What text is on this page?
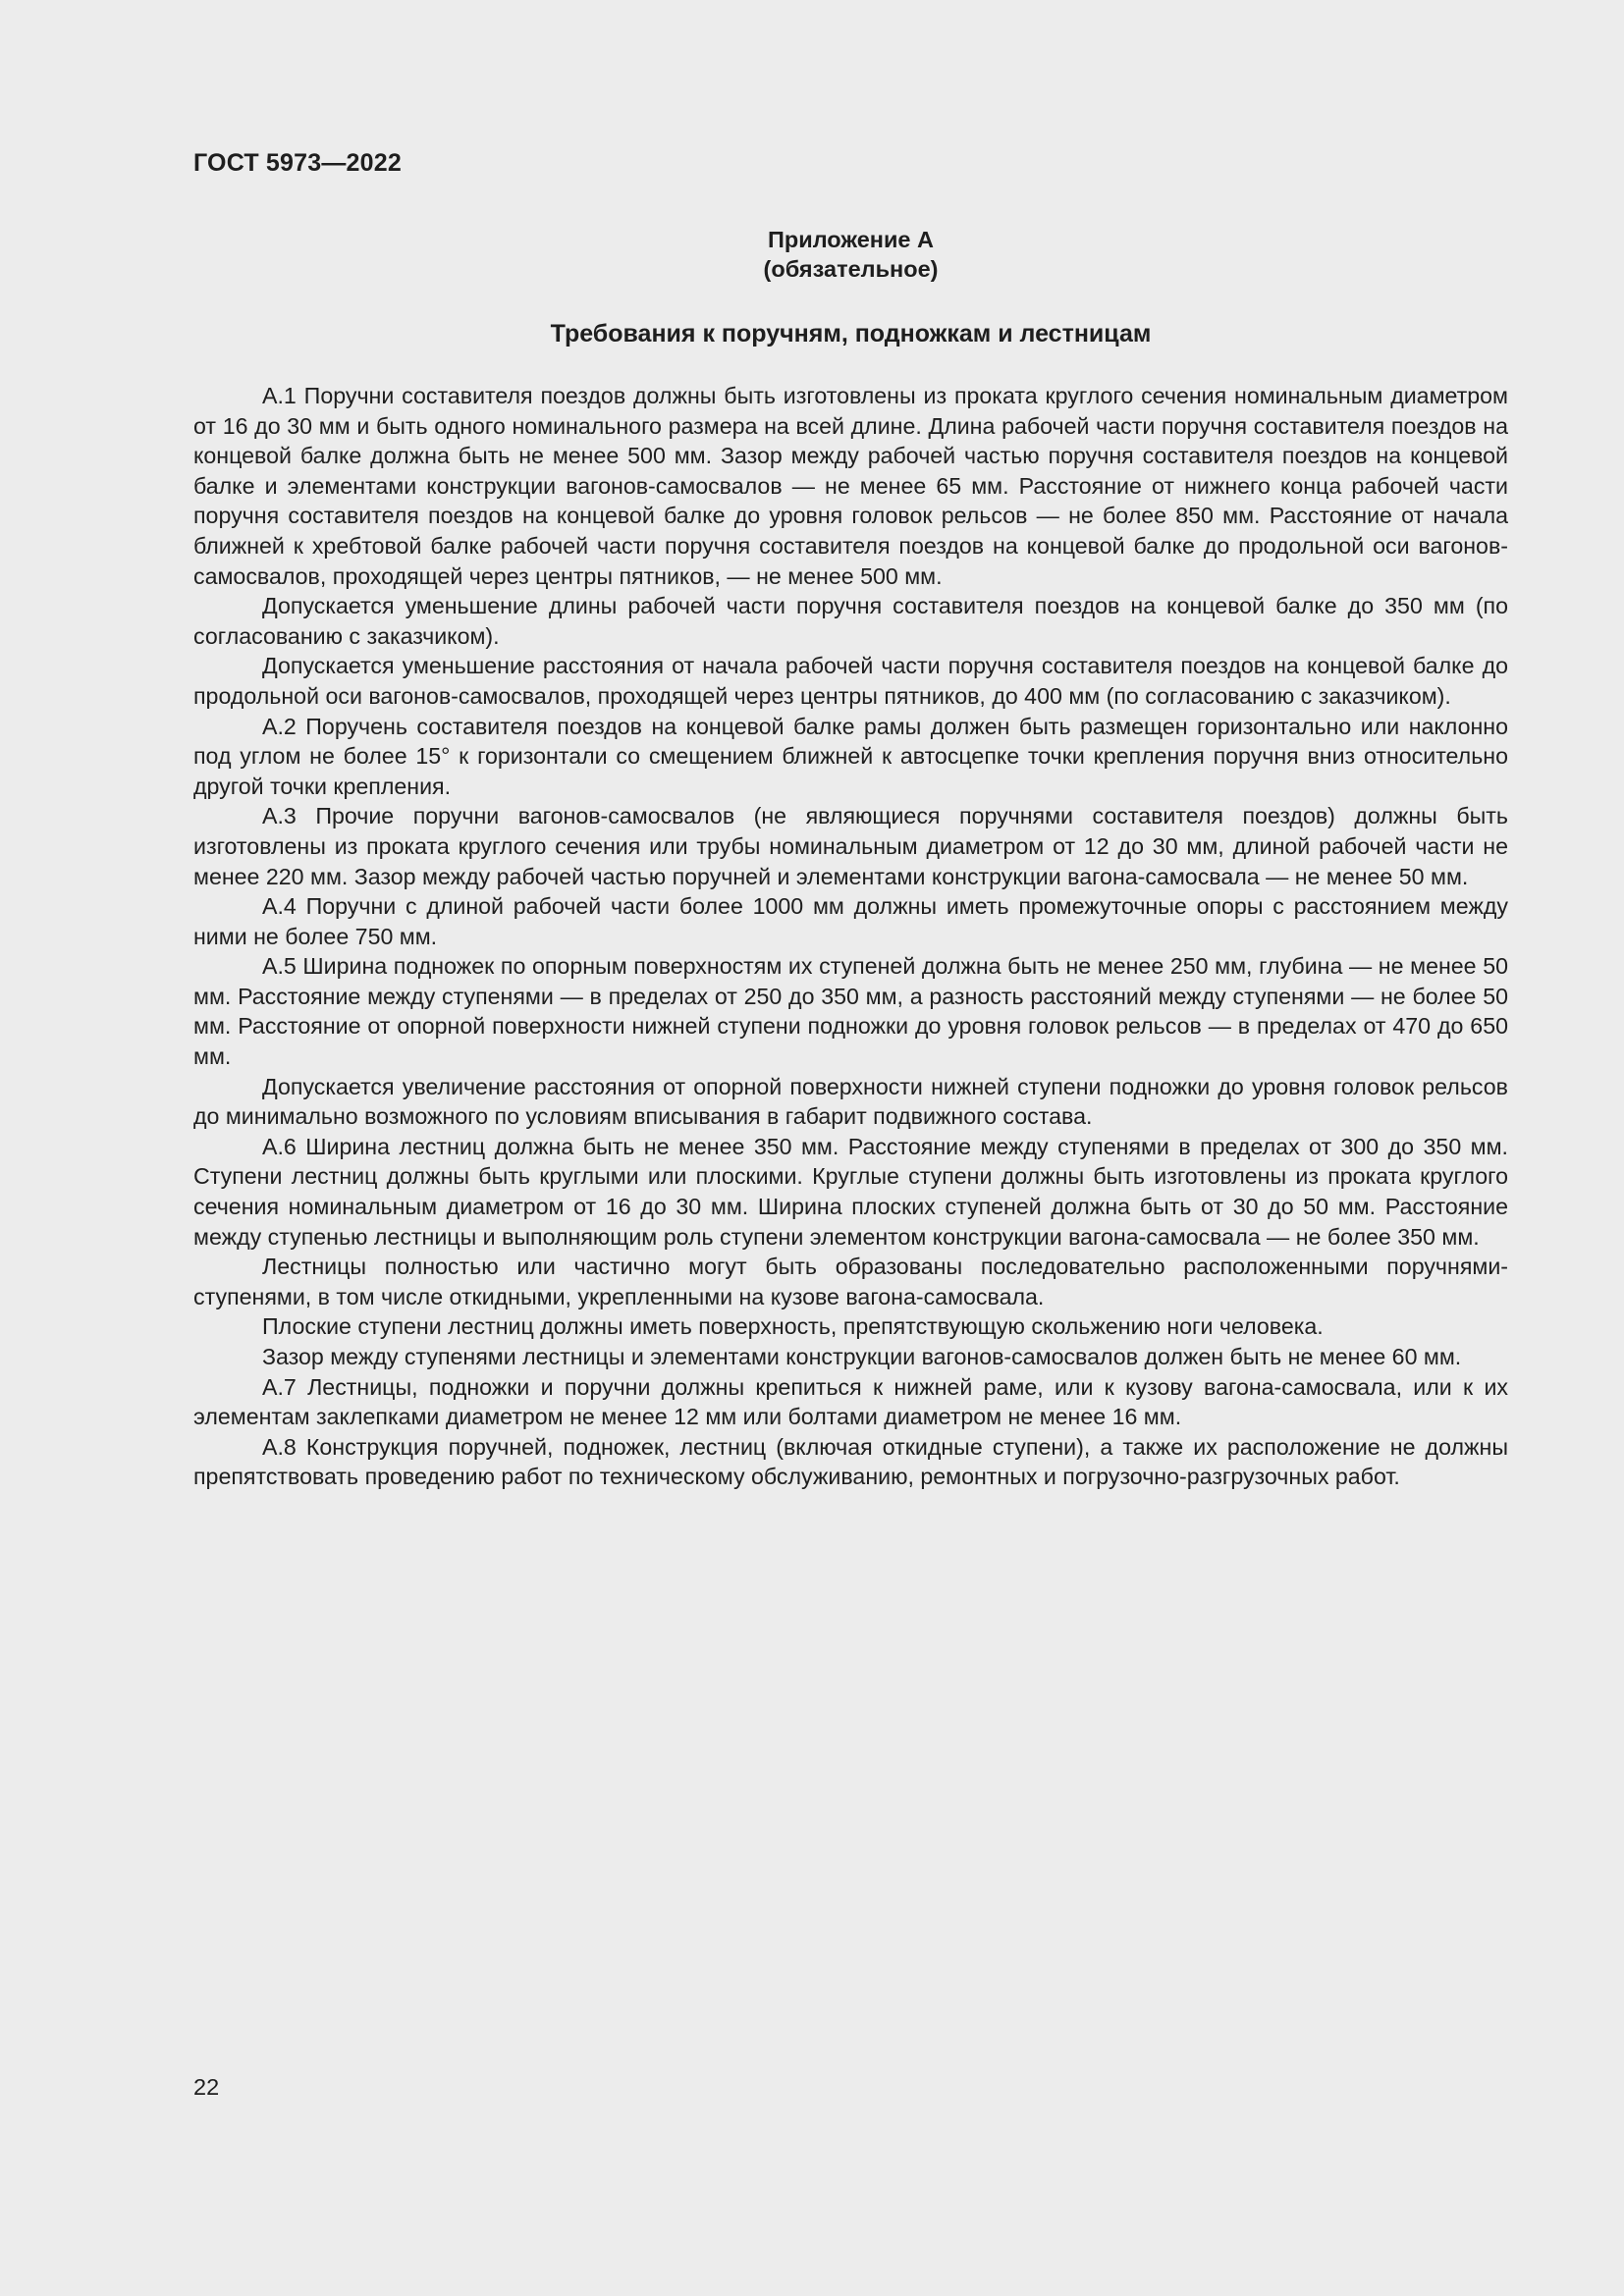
ГОСТ 5973—2022
Приложение А
(обязательное)
Требования к поручням, подножкам и лестницам

А.1 Поручни составителя поездов должны быть изготовлены из проката круглого сечения номинальным диаметром от 16 до 30 мм и быть одного номинального размера на всей длине. Длина рабочей части поручня составителя поездов на концевой балке должна быть не менее 500 мм. Зазор между рабочей частью поручня составителя поездов на концевой балке и элементами конструкции вагонов-самосвалов — не менее 65 мм. Расстояние от нижнего конца рабочей части поручня составителя поездов на концевой балке до уровня головок рельсов — не более 850 мм. Расстояние от начала ближней к хребтовой балке рабочей части поручня составителя поездов на концевой балке до продольной оси вагонов-самосвалов, проходящей через центры пятников, — не менее 500 мм.

Допускается уменьшение длины рабочей части поручня составителя поездов на концевой балке до 350 мм (по согласованию с заказчиком).

Допускается уменьшение расстояния от начала рабочей части поручня составителя поездов на концевой балке до продольной оси вагонов-самосвалов, проходящей через центры пятников, до 400 мм (по согласованию с заказчиком).

А.2 Поручень составителя поездов на концевой балке рамы должен быть размещен горизонтально или наклонно под углом не более 15° к горизонтали со смещением ближней к автосцепке точки крепления поручня вниз относительно другой точки крепления.

А.3 Прочие поручни вагонов-самосвалов (не являющиеся поручнями составителя поездов) должны быть изготовлены из проката круглого сечения или трубы номинальным диаметром от 12 до 30 мм, длиной рабочей части не менее 220 мм. Зазор между рабочей частью поручней и элементами конструкции вагона-самосвала — не менее 50 мм.

А.4 Поручни с длиной рабочей части более 1000 мм должны иметь промежуточные опоры с расстоянием между ними не более 750 мм.

А.5 Ширина подножек по опорным поверхностям их ступеней должна быть не менее 250 мм, глубина — не менее 50 мм. Расстояние между ступенями — в пределах от 250 до 350 мм, а разность расстояний между ступенями — не более 50 мм. Расстояние от опорной поверхности нижней ступени подножки до уровня головок рельсов — в пределах от 470 до 650 мм.

Допускается увеличение расстояния от опорной поверхности нижней ступени подножки до уровня головок рельсов до минимально возможного по условиям вписывания в габарит подвижного состава.

А.6 Ширина лестниц должна быть не менее 350 мм. Расстояние между ступенями в пределах от 300 до 350 мм. Ступени лестниц должны быть круглыми или плоскими. Круглые ступени должны быть изготовлены из проката круглого сечения номинальным диаметром от 16 до 30 мм. Ширина плоских ступеней должна быть от 30 до 50 мм. Расстояние между ступенью лестницы и выполняющим роль ступени элементом конструкции вагона-самосвала — не более 350 мм.

Лестницы полностью или частично могут быть образованы последовательно расположенными поручнями-ступенями, в том числе откидными, укрепленными на кузове вагона-самосвала.

Плоские ступени лестниц должны иметь поверхность, препятствующую скольжению ноги человека.

Зазор между ступенями лестницы и элементами конструкции вагонов-самосвалов должен быть не менее 60 мм.

А.7 Лестницы, подножки и поручни должны крепиться к нижней раме, или к кузову вагона-самосвала, или к их элементам заклепками диаметром не менее 12 мм или болтами диаметром не менее 16 мм.

А.8 Конструкция поручней, подножек, лестниц (включая откидные ступени), а также их расположение не должны препятствовать проведению работ по техническому обслуживанию, ремонтных и погрузочно-разгрузочных работ.

22
